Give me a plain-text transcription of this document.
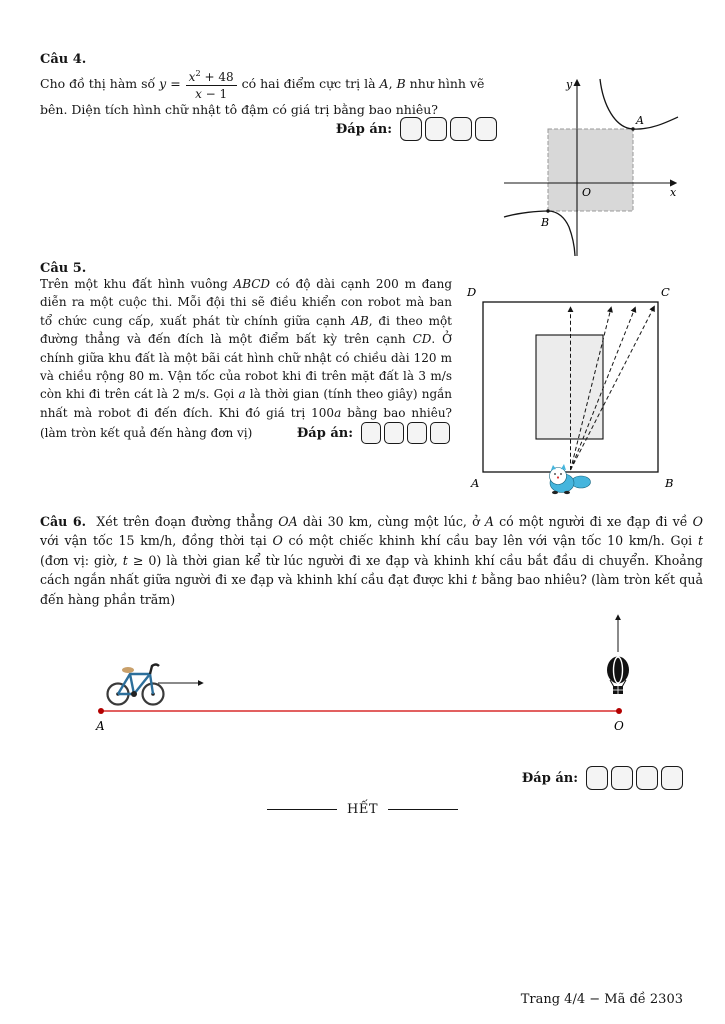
Câu 4.
Cho đồ thị hàm số $y = \frac{x^2 + 48}{x - 1}$ có hai điểm cực trị là A, B như hình vẽ
bên. Diện tích hình chữ nhật tô đậm có giá trị bằng bao nhiêu?
Đáp án:
y
x
O
A
B
Câu 5.
Trên một khu đất hình vuông ABCD có độ dài cạnh 200 m đang
diễn ra một cuộc thi. Mỗi đội thi sẽ điều khiển con robot mà ban
tổ chức cung cấp, xuất phát từ chính giữa cạnh AB, đi theo một
đường thẳng và đến đích là một điểm bất kỳ trên cạnh CD. Ở
chính giữa khu đất là một bãi cát hình chữ nhật có chiều dài 120 m
và chiều rộng 80 m. Vận tốc của robot khi đi trên mặt đất là 3 m/s
còn khi đi trên cát là 2 m/s. Gọi a là thời gian (tính theo giây) ngắn
nhất mà robot đi đến đích. Khi đó giá trị 100a bằng bao nhiêu?
(làm tròn kết quả đến hàng đơn vị)	Đáp án:
D	C
A	B
Câu 6.  Xét trên đoạn đường thẳng OA dài 30 km, cùng một lúc, ở A có một người đi xe đạp đi về O
với vận tốc 15 km/h, đồng thời tại O có một chiếc khinh khí cầu bay lên với vận tốc 10 km/h. Gọi t
(đơn vị: giờ, t ≥ 0) là thời gian kể từ lúc người đi xe đạp và khinh khí cầu bắt đầu di chuyển. Khoảng
cách ngắn nhất giữa người đi xe đạp và khinh khí cầu đạt được khi t bằng bao nhiêu? (làm tròn kết quả
đến hàng phần trăm)
A	O
Đáp án:
HẾT
Trang 4/4 − Mã đề 2303
